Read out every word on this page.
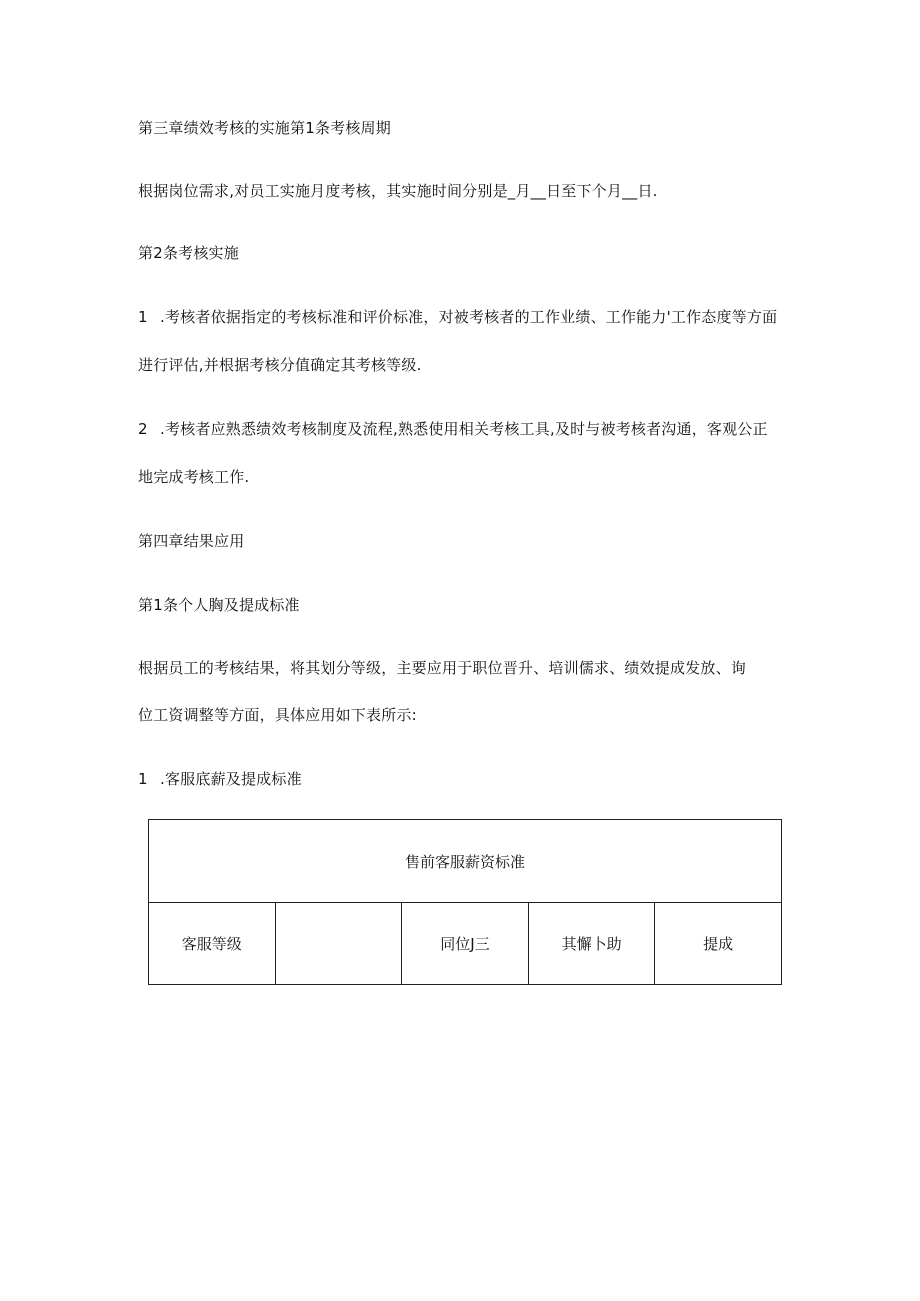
第三章绩效考核的实施第1条考核周期
根据岗位需求,对员工实施月度考核，其实施时间分别是_月__日至下个月__日.
第2条考核实施
1 .考核者依据指定的考核标准和评价标准，对被考核者的工作业绩、工作能力'工作态度等方面
进行评估,并根据考核分值确定其考核等级.
2 .考核者应熟悉绩效考核制度及流程,熟悉使用相关考核工具,及时与被考核者沟通，客观公正
地完成考核工作.
第四章结果应用
第1条个人胸及提成标准
根据员工的考核结果，将其划分等级，主要应用于职位晋升、培训儒求、绩效提成发放、询
位工资调整等方面，具体应用如下表所示:
1 .客服底薪及提成标准
售前客服薪资标准
客服等级		同位J三	其懈卜助	提成
